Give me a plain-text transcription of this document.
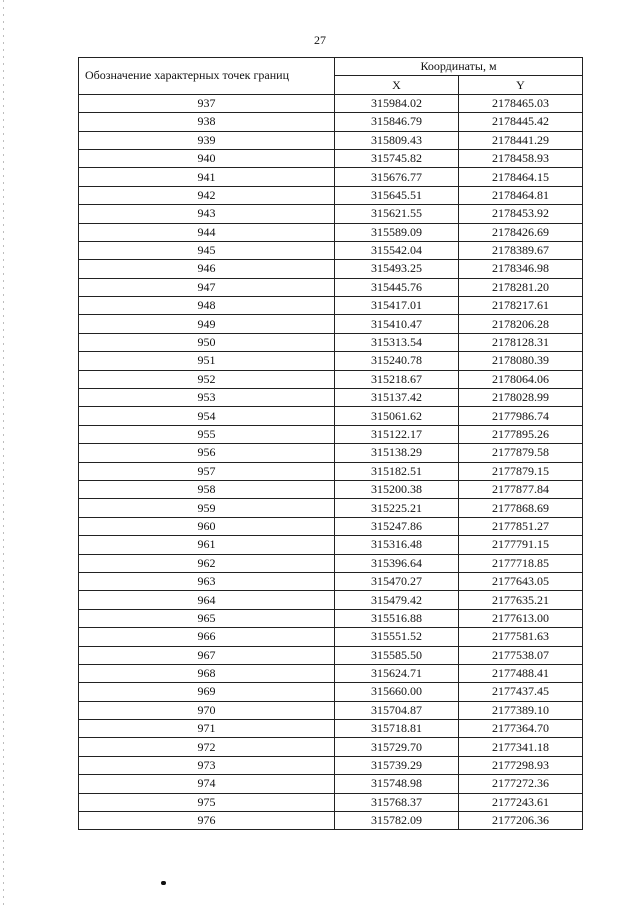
27
Обозначение характерных точек границ	Координаты, м	
	X	Y
937	315984.02	2178465.03
938	315846.79	2178445.42
939	315809.43	2178441.29
940	315745.82	2178458.93
941	315676.77	2178464.15
942	315645.51	2178464.81
943	315621.55	2178453.92
944	315589.09	2178426.69
945	315542.04	2178389.67
946	315493.25	2178346.98
947	315445.76	2178281.20
948	315417.01	2178217.61
949	315410.47	2178206.28
950	315313.54	2178128.31
951	315240.78	2178080.39
952	315218.67	2178064.06
953	315137.42	2178028.99
954	315061.62	2177986.74
955	315122.17	2177895.26
956	315138.29	2177879.58
957	315182.51	2177879.15
958	315200.38	2177877.84
959	315225.21	2177868.69
960	315247.86	2177851.27
961	315316.48	2177791.15
962	315396.64	2177718.85
963	315470.27	2177643.05
964	315479.42	2177635.21
965	315516.88	2177613.00
966	315551.52	2177581.63
967	315585.50	2177538.07
968	315624.71	2177488.41
969	315660.00	2177437.45
970	315704.87	2177389.10
971	315718.81	2177364.70
972	315729.70	2177341.18
973	315739.29	2177298.93
974	315748.98	2177272.36
975	315768.37	2177243.61
976	315782.09	2177206.36
